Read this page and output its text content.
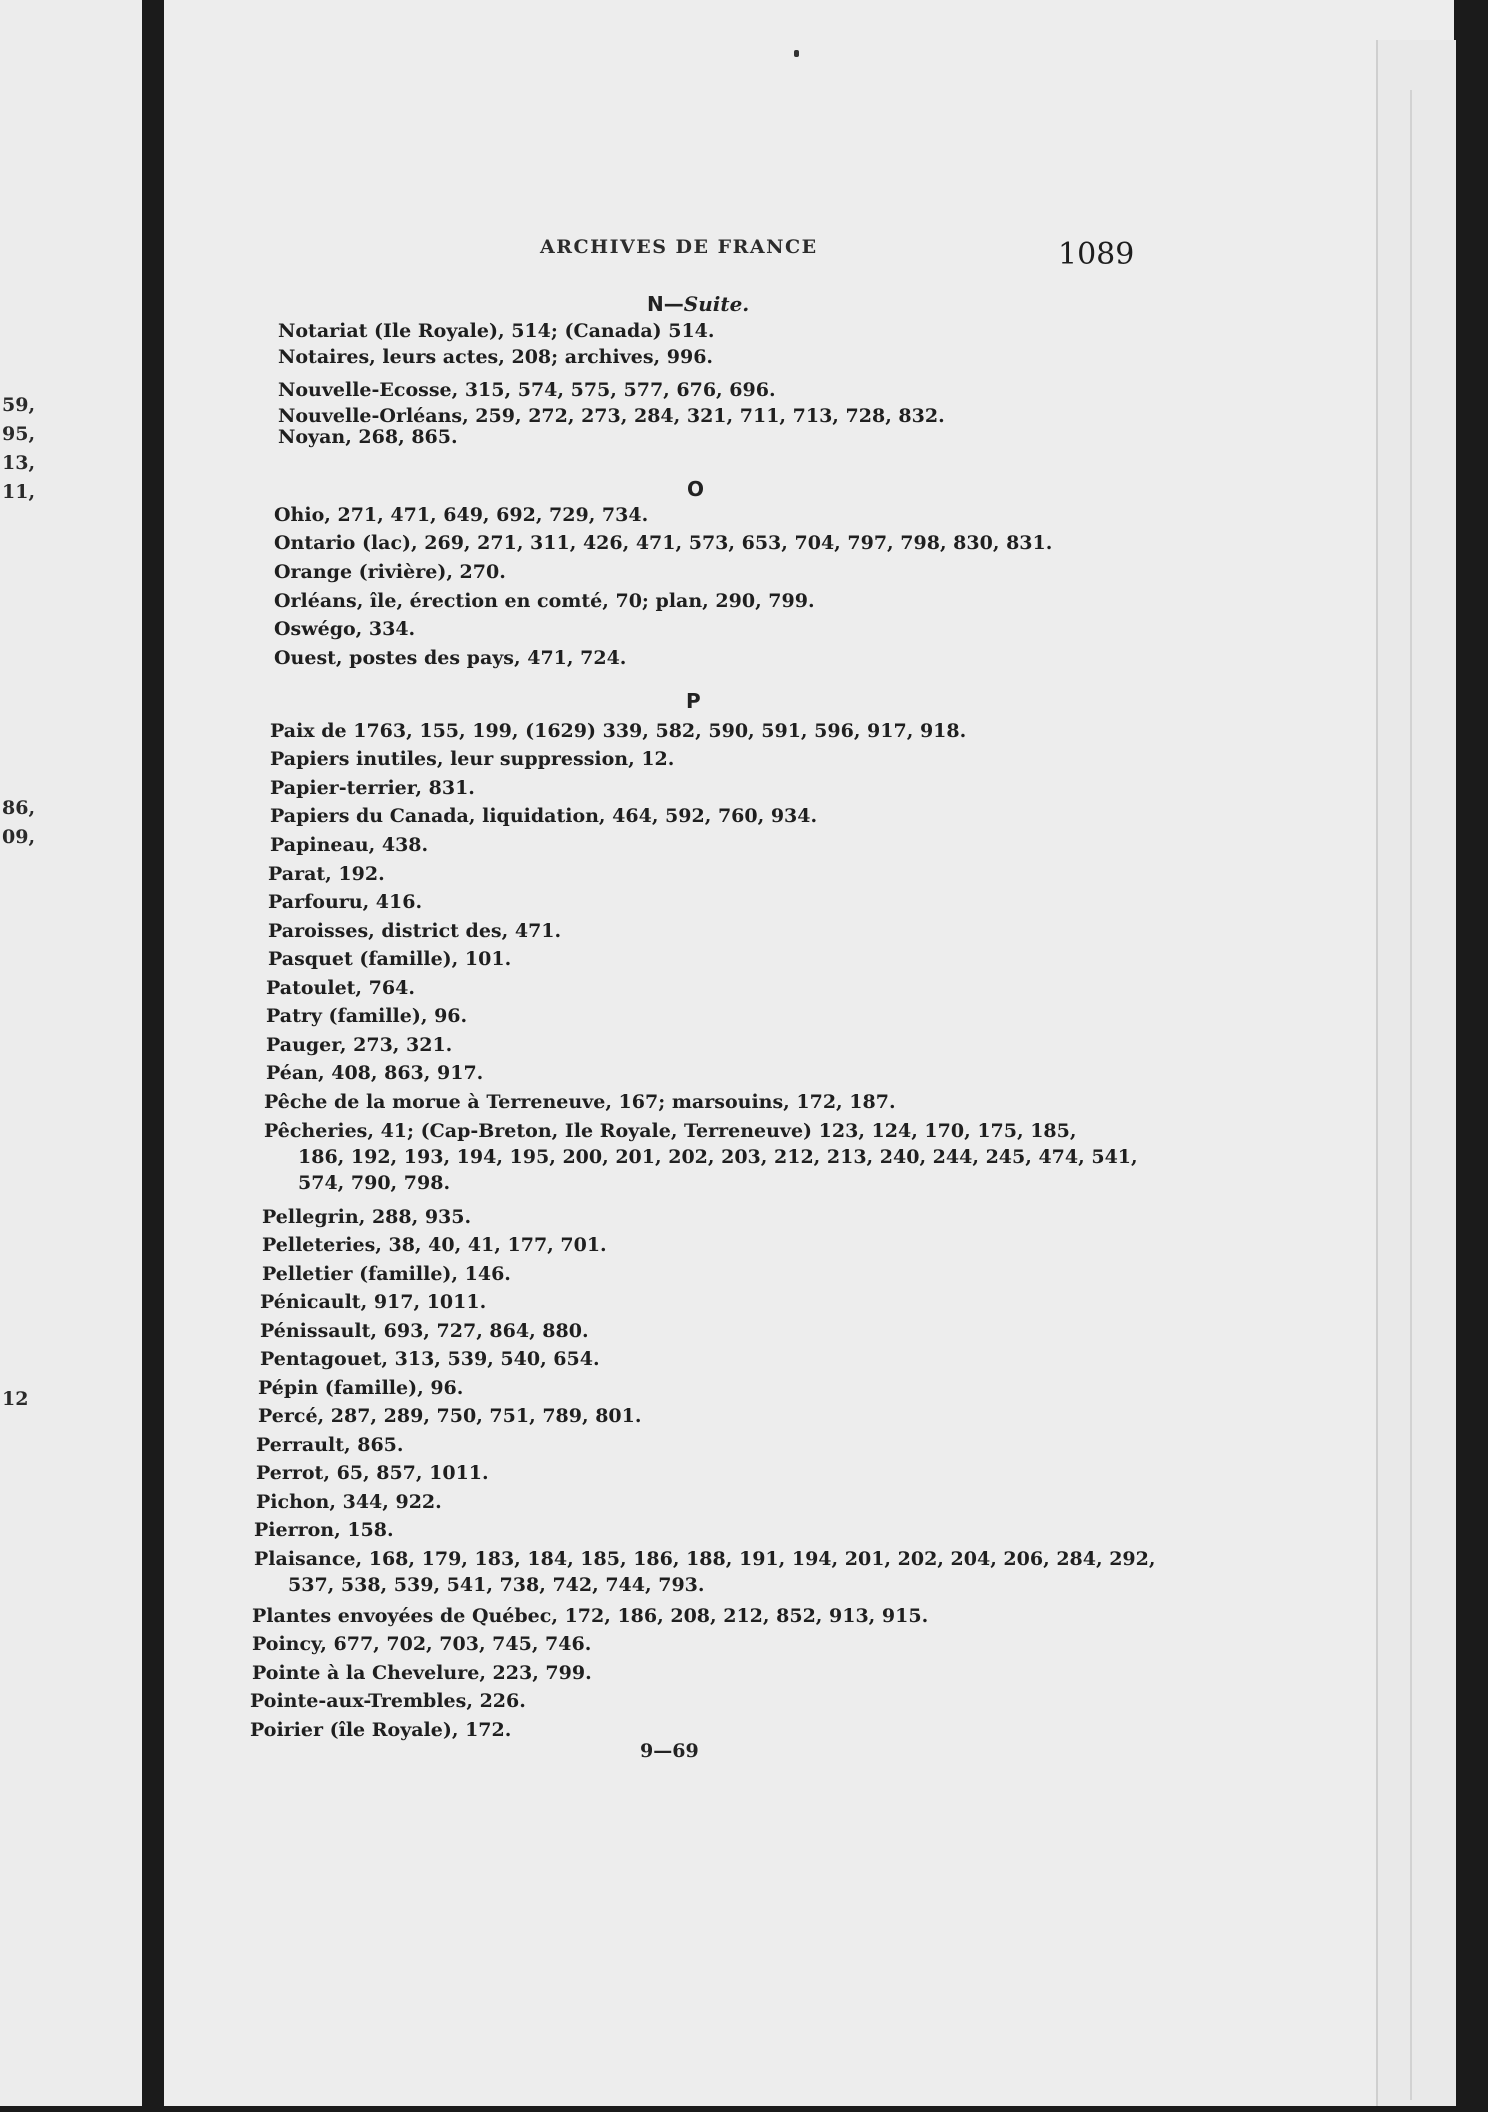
59,
95,
13,
11,
86,
09,
12
ARCHIVES DE FRANCE	1089
N—Suite.
Notariat (Ile Royale), 514; (Canada) 514.
Notaires, leurs actes, 208; archives, 996.
Nouvelle-Ecosse, 315, 574, 575, 577, 676, 696.
Nouvelle-Orléans, 259, 272, 273, 284, 321, 711, 713, 728, 832.
Noyan, 268, 865.
O
Ohio, 271, 471, 649, 692, 729, 734.
Ontario (lac), 269, 271, 311, 426, 471, 573, 653, 704, 797, 798, 830, 831.
Orange (rivière), 270.
Orléans, île, érection en comté, 70; plan, 290, 799.
Oswégo, 334.
Ouest, postes des pays, 471, 724.
P
Paix de 1763, 155, 199, (1629) 339, 582, 590, 591, 596, 917, 918.
Papiers inutiles, leur suppression, 12.
Papier-terrier, 831.
Papiers du Canada, liquidation, 464, 592, 760, 934.
Papineau, 438.
Parat, 192.
Parfouru, 416.
Paroisses, district des, 471.
Pasquet (famille), 101.
Patoulet, 764.
Patry (famille), 96.
Pauger, 273, 321.
Péan, 408, 863, 917.
Pêche de la morue à Terreneuve, 167; marsouins, 172, 187.
Pêcheries, 41; (Cap-Breton, Ile Royale, Terreneuve) 123, 124, 170, 175, 185,
186, 192, 193, 194, 195, 200, 201, 202, 203, 212, 213, 240, 244, 245, 474, 541,
574, 790, 798.
Pellegrin, 288, 935.
Pelleteries, 38, 40, 41, 177, 701.
Pelletier (famille), 146.
Pénicault, 917, 1011.
Pénissault, 693, 727, 864, 880.
Pentagouet, 313, 539, 540, 654.
Pépin (famille), 96.
Percé, 287, 289, 750, 751, 789, 801.
Perrault, 865.
Perrot, 65, 857, 1011.
Pichon, 344, 922.
Pierron, 158.
Plaisance, 168, 179, 183, 184, 185, 186, 188, 191, 194, 201, 202, 204, 206, 284, 292,
537, 538, 539, 541, 738, 742, 744, 793.
Plantes envoyées de Québec, 172, 186, 208, 212, 852, 913, 915.
Poincy, 677, 702, 703, 745, 746.
Pointe à la Chevelure, 223, 799.
Pointe-aux-Trembles, 226.
Poirier (île Royale), 172.
9—69
